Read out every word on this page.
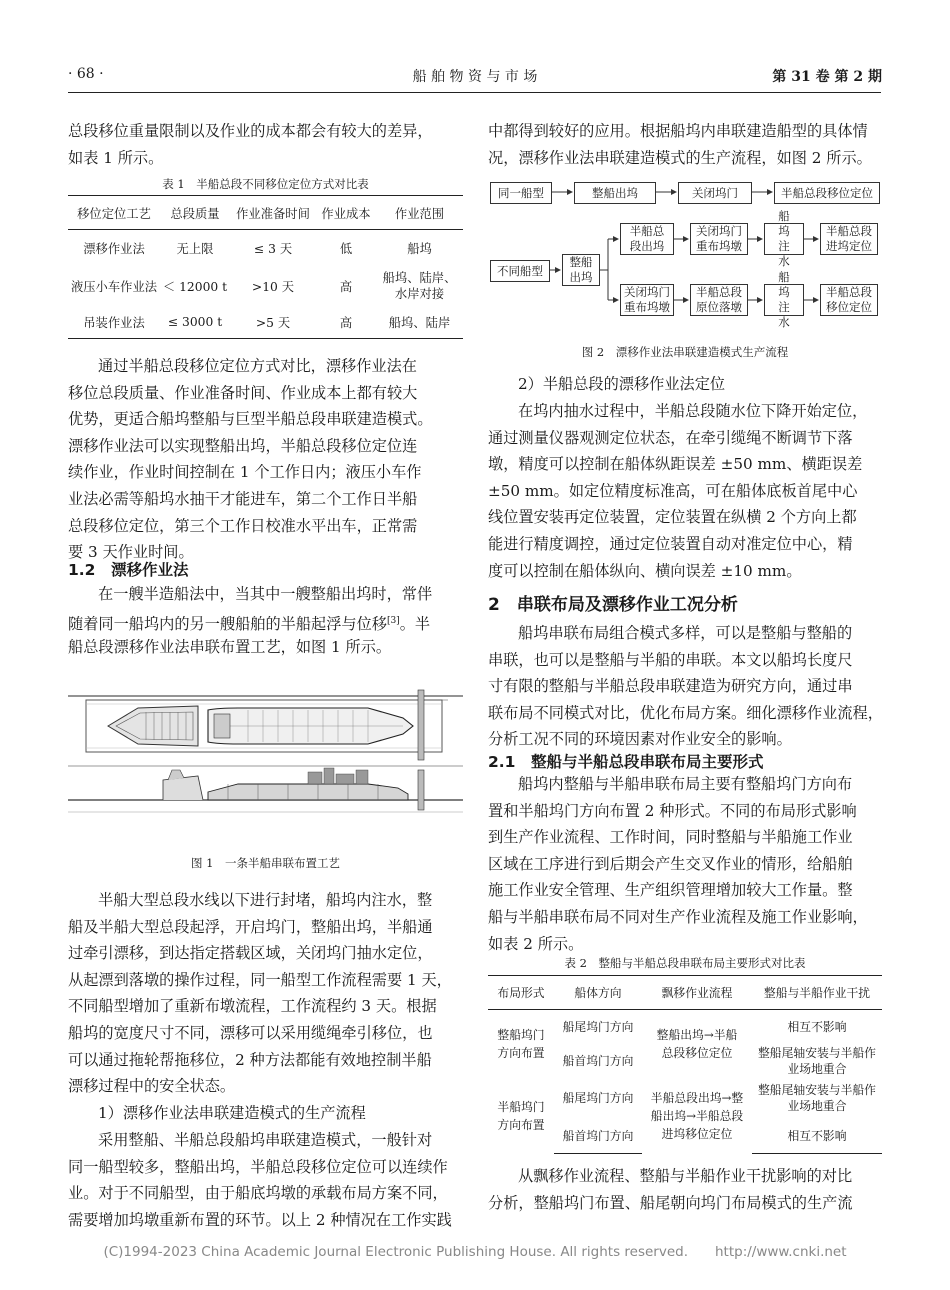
· 68 ·	船 舶 物 资 与 市 场	第 31 卷 第 2 期
总段移位重量限制以及作业的成本都会有较大的差异，
如表 1 所示。
表 1　半船总段不同移位定位方式对比表
移位定位工艺	总段质量	作业准备时间	作业成本	作业范围
漂移作业法	无上限	≤ 3 天	低	船坞
液压小车作业法	＜ 12000 t	>10 天	高	船坞、陆岸、水岸对接
吊装作业法	≤ 3000 t	>5 天	高	船坞、陆岸
通过半船总段移位定位方式对比，漂移作业法在
移位总段质量、作业准备时间、作业成本上都有较大
优势，更适合船坞整船与巨型半船总段串联建造模式。
漂移作业法可以实现整船出坞，半船总段移位定位连
续作业，作业时间控制在 1 个工作日内；液压小车作
业法必需等船坞水抽干才能进车，第二个工作日半船
总段移位定位，第三个工作日校准水平出车，正常需
要 3 天作业时间。
1.2　漂移作业法
在一艘半造船法中，当其中一艘整船出坞时，常伴
随着同一船坞内的另一艘船舶的半船起浮与位移[3]。半
船总段漂移作业法串联布置工艺，如图 1 所示。
图 1　一条半船串联布置工艺
半船大型总段水线以下进行封堵，船坞内注水，整
船及半船大型总段起浮，开启坞门，整船出坞，半船通
过牵引漂移，到达指定搭载区域，关闭坞门抽水定位，
从起漂到落墩的操作过程，同一船型工作流程需要 1 天，
不同船型增加了重新布墩流程，工作流程约 3 天。根据
船坞的宽度尺寸不同，漂移可以采用缆绳牵引移位，也
可以通过拖轮帮拖移位，2 种方法都能有效地控制半船
漂移过程中的安全状态。
1）漂移作业法串联建造模式的生产流程
采用整船、半船总段船坞串联建造模式，一般针对
同一船型较多，整船出坞，半船总段移位定位可以连续作
业。对于不同船型，由于船底坞墩的承载布局方案不同，
需要增加坞墩重新布置的环节。以上 2 种情况在工作实践
中都得到较好的应用。根据船坞内串联建造船型的具体情
况，漂移作业法串联建造模式的生产流程，如图 2 所示。
同一船型	整船出坞	关闭坞门	半船总段移位定位
不同船型
整船出坞
半船总段出坞
关闭坞门重布坞墩
船坞注水
半船总段进坞定位
关闭坞门重布坞墩
半船总段原位落墩
船坞注水
半船总段移位定位
图 2　漂移作业法串联建造模式生产流程
2）半船总段的漂移作业法定位
在坞内抽水过程中，半船总段随水位下降开始定位，
通过测量仪器观测定位状态，在牵引缆绳不断调节下落
墩，精度可以控制在船体纵距误差 ±50 mm、横距误差
±50 mm。如定位精度标准高，可在船体底板首尾中心
线位置安装再定位装置，定位装置在纵横 2 个方向上都
能进行精度调控，通过定位装置自动对准定位中心，精
度可以控制在船体纵向、横向误差 ±10 mm。
2　串联布局及漂移作业工况分析
船坞串联布局组合模式多样，可以是整船与整船的
串联，也可以是整船与半船的串联。本文以船坞长度尺
寸有限的整船与半船总段串联建造为研究方向，通过串
联布局不同模式对比，优化布局方案。细化漂移作业流程，
分析工况不同的环境因素对作业安全的影响。
2.1　整船与半船总段串联布局主要形式
船坞内整船与半船串联布局主要有整船坞门方向布
置和半船坞门方向布置 2 种形式。不同的布局形式影响
到生产作业流程、工作时间，同时整船与半船施工作业
区域在工序进行到后期会产生交叉作业的情形，给船舶
施工作业安全管理、生产组织管理增加较大工作量。整
船与半船串联布局不同对生产作业流程及施工作业影响，
如表 2 所示。
表 2　整船与半船总段串联布局主要形式对比表
布局形式	船体方向	飘移作业流程	整船与半船作业干扰
整船坞门方向布置	船尾坞门方向	整船出坞→半船总段移位定位	相互不影响
	船首坞门方向		整船尾轴安装与半船作业场地重合
半船坞门方向布置	船尾坞门方向	半船总段出坞→整船出坞→半船总段进坞移位定位	整船尾轴安装与半船作业场地重合
	船首坞门方向		相互不影响
从飘移作业流程、整船与半船作业干扰影响的对比
分析，整船坞门布置、船尾朝向坞门布局模式的生产流
(C)1994-2023 China Academic Journal Electronic Publishing House. All rights reserved.　　http://www.cnki.net
